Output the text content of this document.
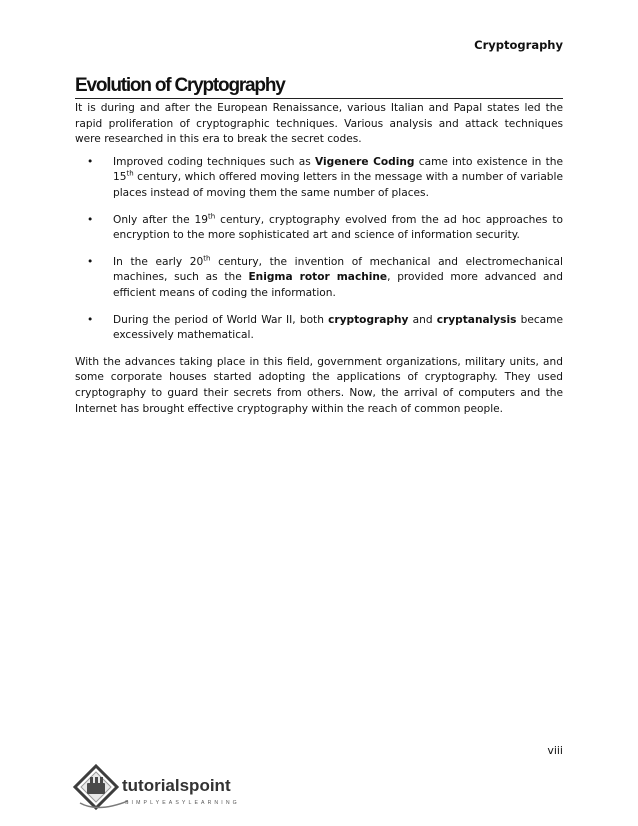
Cryptography
Evolution of Cryptography

It is during and after the European Renaissance, various Italian and Papal states led the rapid proliferation of cryptographic techniques. Various analysis and attack techniques were researched in this era to break the secret codes.

• Improved coding techniques such as Vigenere Coding came into existence in the 15th century, which offered moving letters in the message with a number of variable places instead of moving them the same number of places.
• Only after the 19th century, cryptography evolved from the ad hoc approaches to encryption to the more sophisticated art and science of information security.
• In the early 20th century, the invention of mechanical and electromechanical machines, such as the Enigma rotor machine, provided more advanced and efficient means of coding the information.
• During the period of World War II, both cryptography and cryptanalysis became excessively mathematical.

With the advances taking place in this field, government organizations, military units, and some corporate houses started adopting the applications of cryptography. They used cryptography to guard their secrets from others. Now, the arrival of computers and the Internet has brought effective cryptography within the reach of common people.

viii
tutorialspoint
SIMPLYEASYLEARNING
